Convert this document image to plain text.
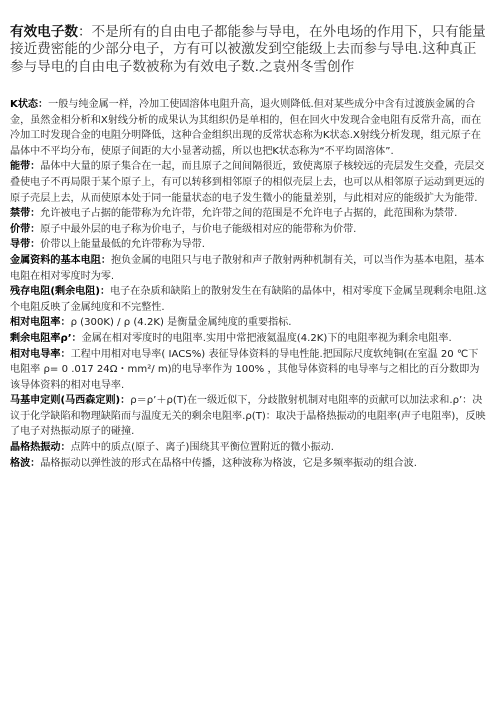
有效电子数：不是所有的自由电子都能参与导电，在外电场的作用下，只有能量接近费密能的少部分电子，方有可以被激发到空能级上去而参与导电.这种真正参与导电的自由电子数被称为有效电子数.之袁州冬雪创作

K状态：一般与纯金属一样，冷加工使固溶体电阻升高，退火则降低.但对某些成分中含有过渡族金属的合金，虽然金相分析和X射线分析的成果认为其组织仍是单相的，但在回火中发现合金电阻有反常升高，而在冷加工时发现合金的电阻分明降低，这种合金组织出现的反常状态称为K状态.X射线分析发现，组元原子在晶体中不平均分布，使原子间距的大小显著动摇，所以也把K状态称为“不平均固溶体”.

能带：晶体中大量的原子集合在一起，而且原子之间间隔很近，致使离原子核较远的壳层发生交叠，壳层交叠使电子不再局限于某个原子上，有可以转移到相邻原子的相似壳层上去，也可以从相邻原子运动到更远的原子壳层上去，从而使原本处于同一能量状态的电子发生微小的能量差别，与此相对应的能级扩大为能带.

禁带：允许被电子占据的能带称为允许带，允许带之间的范围是不允许电子占据的，此范围称为禁带.

价带：原子中最外层的电子称为价电子，与价电子能级相对应的能带称为价带.

导带：价带以上能量最低的允许带称为导带.

金属资料的基本电阻：抱负金属的电阻只与电子散射和声子散射两种机制有关，可以当作为基本电阻，基本电阻在相对零度时为零.

残存电阻(剩余电阻)：电子在杂质和缺陷上的散射发生在有缺陷的晶体中，相对零度下金属呈现剩余电阻.这个电阻反映了金属纯度和不完整性.

相对电阻率：ρ (300K) / ρ (4.2K) 是衡量金属纯度的重要指标.

剩余电阻率ρ’：金属在相对零度时的电阻率.实用中常把液氦温度(4.2K)下的电阻率视为剩余电阻率.

相对电导率：工程中用相对电导率( IACS%) 表征导体资料的导电性能.把国际尺度软纯铜(在室温 20 ℃下电阻率 ρ= 0 .017 24Ω・mm²/ m)的电导率作为 100% ，其他导体资料的电导率与之相比的百分数即为该导体资料的相对电导率.

马基申定则(马西森定则)：ρ＝ρ’＋ρ(T)在一级近似下，分歧散射机制对电阻率的贡献可以加法求和.ρ’：决议于化学缺陷和物理缺陷而与温度无关的剩余电阻率.ρ(T)：取决于晶格热振动的电阻率(声子电阻率)，反映了电子对热振动原子的碰撞.

晶格热振动：点阵中的质点(原子、离子)围绕其平衡位置附近的微小振动.

格波：晶格振动以弹性波的形式在晶格中传播，这种波称为格波，它是多频率振动的组合波.
